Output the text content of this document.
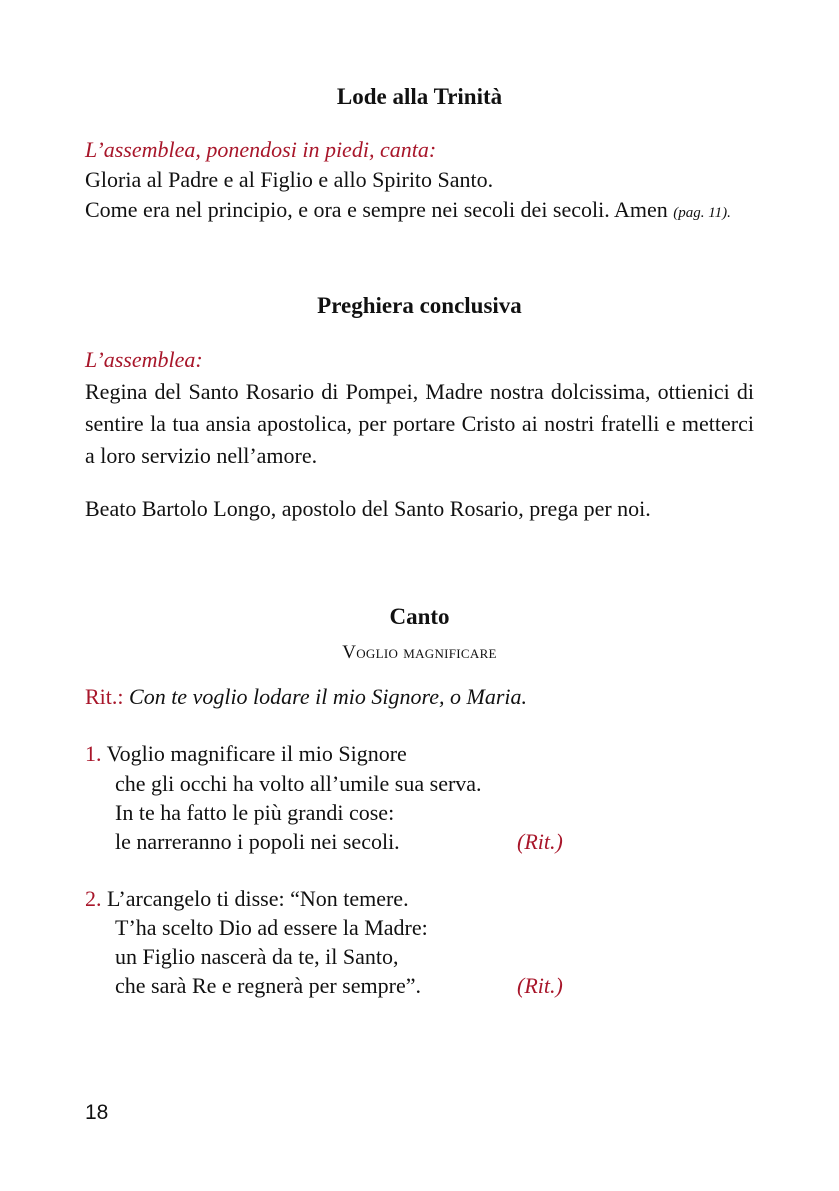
Lode alla Trinità
L’assemblea, ponendosi in piedi, canta:
Gloria al Padre e al Figlio e allo Spirito Santo.
Come era nel principio, e ora e sempre nei secoli dei secoli. Amen (pag. 11).
Preghiera conclusiva
L’assemblea:
Regina del Santo Rosario di Pompei, Madre nostra dolcissima, ottienici di sentire la tua ansia apostolica, per portare Cristo ai nostri fratelli e metterci a loro servizio nell’amore.
Beato Bartolo Longo, apostolo del Santo Rosario, prega per noi.
Canto
Voglio magnificare
Rit.: Con te voglio lodare il mio Signore, o Maria.
1. Voglio magnificare il mio Signore
che gli occhi ha volto all’umile sua serva.
In te ha fatto le più grandi cose:
le narreranno i popoli nei secoli.	(Rit.)
2. L’arcangelo ti disse: “Non temere.
T’ha scelto Dio ad essere la Madre:
un Figlio nascerà da te, il Santo,
che sarà Re e regnerà per sempre”.	(Rit.)
18
